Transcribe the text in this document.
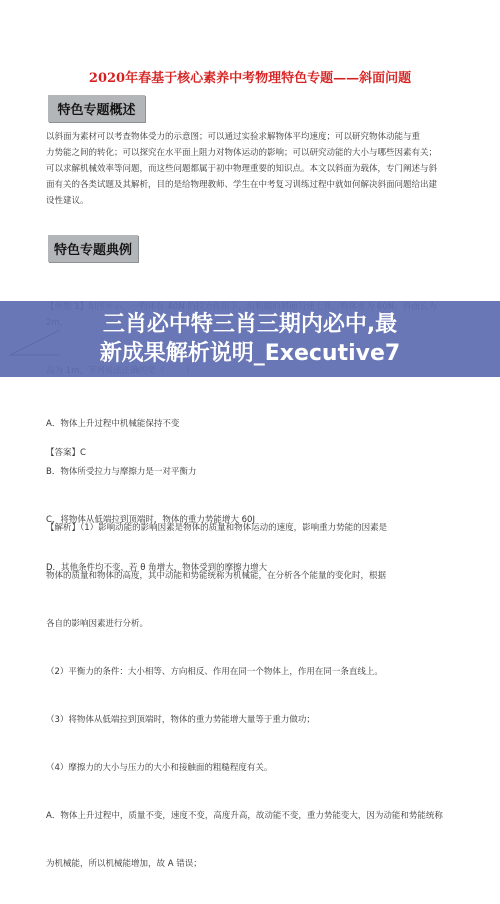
2020年春基于核心素养中考物理特色专题——斜面问题
特色专题概述
以斜面为素材可以考查物体受力的示意图；可以通过实验求解物体平均速度；可以研究物体动能与重
力势能之间的转化；可以探究在水平面上阻力对物体运动的影响；可以研究动能的大小与哪些因素有关；
可以求解机械效率等问题，而这些问题都属于初中物理重要的知识点。本文以斜面为载体，专门阐述与斜
面有关的各类试题及其解析，目的是给物理教师、学生在中考复习训练过程中就如何解决斜面问题给出建
设性建议。
特色专题典例

A．物体上升过程中机械能保持不变

B．物体所受拉力与摩擦力是一对平衡力

C．将物体从低端拉到顶端时，物体的重力势能增大 60J

D．其他条件均不变，若 θ 角增大，物体受到的摩擦力增大

【答案】C

【解析】（1）影响动能的影响因素是物体的质量和物体运动的速度，影响重力势能的因素是

物体的质量和物体的高度，其中动能和势能统称为机械能，在分析各个能量的变化时，根据

各自的影响因素进行分析。

（2）平衡力的条件：大小相等、方向相反、作用在同一个物体上，作用在同一条直线上。

（3）将物体从低端拉到顶端时，物体的重力势能增大量等于重力做功；

（4）摩擦力的大小与压力的大小和接触面的粗糙程度有关。

A．物体上升过程中，质量不变，速度不变，高度升高，故动能不变，重力势能变大，因为动能和势能统称

为机械能，所以机械能增加，故 A 错误；

三肖必中特三肖三期内必中,最
新成果解析说明_Executive7
